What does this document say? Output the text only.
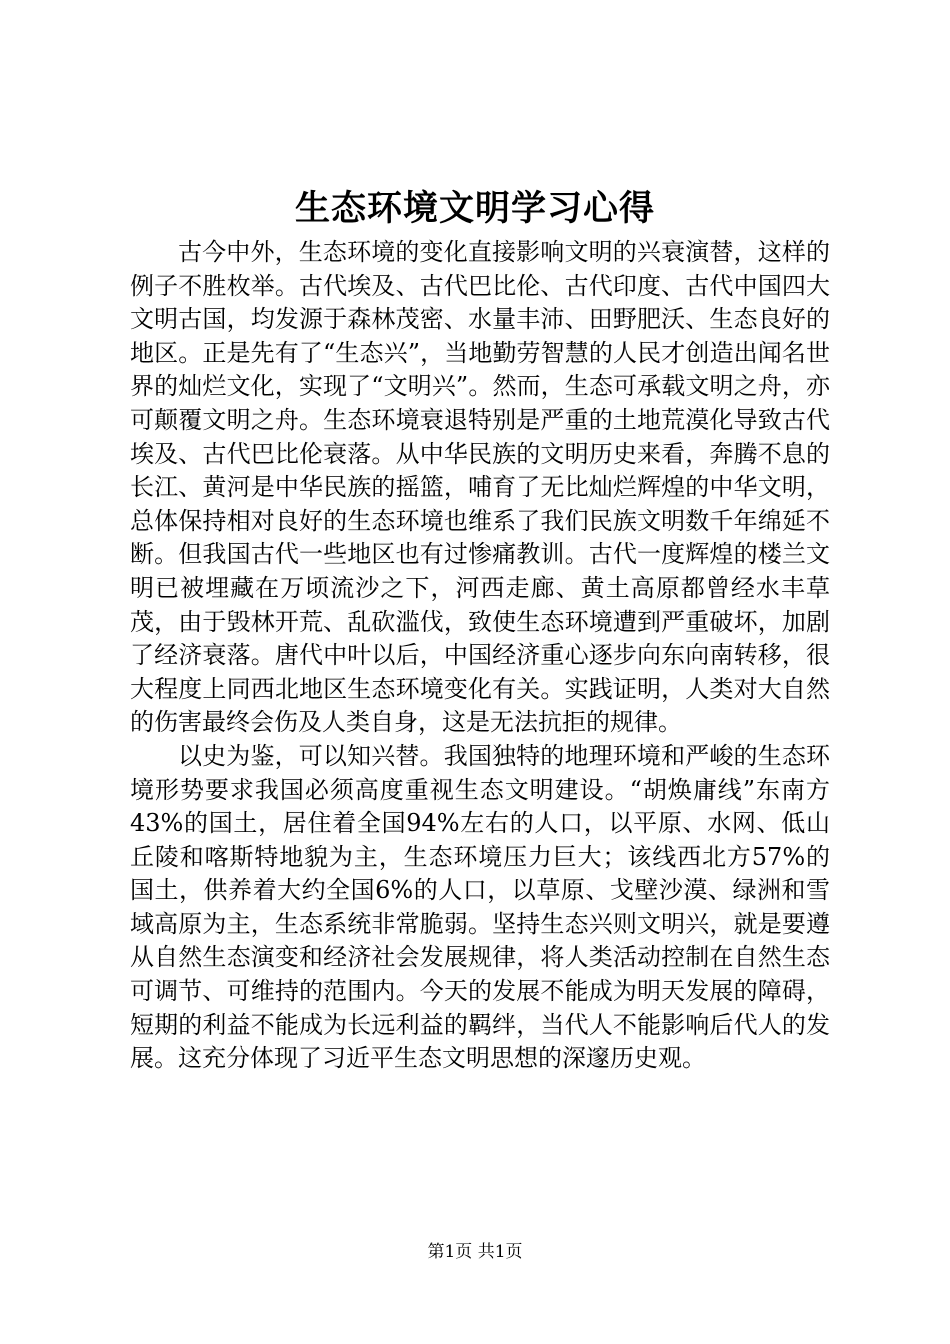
生态环境文明学习心得

古今中外，生态环境的变化直接影响文明的兴衰演替，这样的例子不胜枚举。古代埃及、古代巴比伦、古代印度、古代中国四大文明古国，均发源于森林茂密、水量丰沛、田野肥沃、生态良好的地区。正是先有了“生态兴”，当地勤劳智慧的人民才创造出闻名世界的灿烂文化，实现了“文明兴”。然而，生态可承载文明之舟，亦可颠覆文明之舟。生态环境衰退特别是严重的土地荒漠化导致古代埃及、古代巴比伦衰落。从中华民族的文明历史来看，奔腾不息的长江、黄河是中华民族的摇篮，哺育了无比灿烂辉煌的中华文明，总体保持相对良好的生态环境也维系了我们民族文明数千年绵延不断。但我国古代一些地区也有过惨痛教训。古代一度辉煌的楼兰文明已被埋藏在万顷流沙之下，河西走廊、黄土高原都曾经水丰草茂，由于毁林开荒、乱砍滥伐，致使生态环境遭到严重破坏，加剧了经济衰落。唐代中叶以后，中国经济重心逐步向东向南转移，很大程度上同西北地区生态环境变化有关。实践证明，人类对大自然的伤害最终会伤及人类自身，这是无法抗拒的规律。

以史为鉴，可以知兴替。我国独特的地理环境和严峻的生态环境形势要求我国必须高度重视生态文明建设。“胡焕庸线”东南方43%的国土，居住着全国94%左右的人口，以平原、水网、低山丘陵和喀斯特地貌为主，生态环境压力巨大；该线西北方57%的国土，供养着大约全国6%的人口，以草原、戈壁沙漠、绿洲和雪域高原为主，生态系统非常脆弱。坚持生态兴则文明兴，就是要遵从自然生态演变和经济社会发展规律，将人类活动控制在自然生态可调节、可维持的范围内。今天的发展不能成为明天发展的障碍，短期的利益不能成为长远利益的羁绊，当代人不能影响后代人的发展。这充分体现了习近平生态文明思想的深邃历史观。

第1页 共1页
